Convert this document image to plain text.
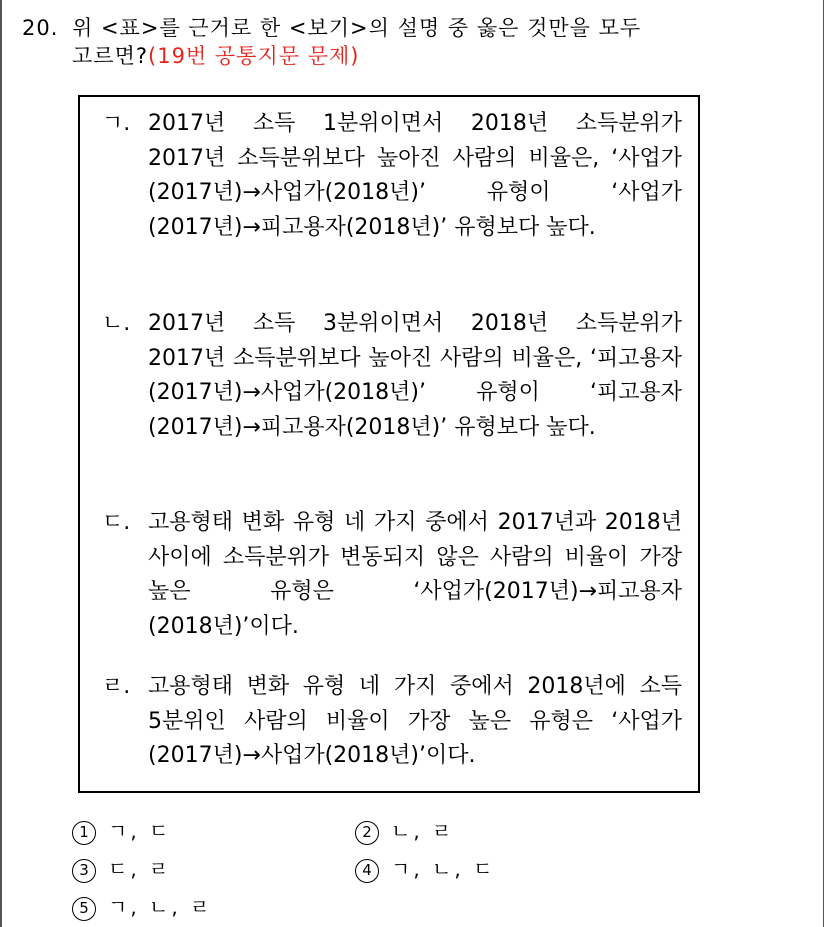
20. 위 <표>를 근거로 한 <보기>의 설명 중 옳은 것만을 모두
고르면?(19번 공통지문 문제)
ㄱ. 2017년 소득 1분위이면서 2018년 소득분위가 2017년 소득분위보다 높아진 사람의 비율은, ‘사업가(2017년)→사업가(2018년)’ 유형이 ‘사업가(2017년)→피고용자(2018년)’ 유형보다 높다.
ㄴ. 2017년 소득 3분위이면서 2018년 소득분위가 2017년 소득분위보다 높아진 사람의 비율은, ‘피고용자(2017년)→사업가(2018년)’ 유형이 ‘피고용자(2017년)→피고용자(2018년)’ 유형보다 높다.
ㄷ. 고용형태 변화 유형 네 가지 중에서 2017년과 2018년 사이에 소득분위가 변동되지 않은 사람의 비율이 가장 높은 유형은 ‘사업가(2017년)→피고용자(2018년)’이다.
ㄹ. 고용형태 변화 유형 네 가지 중에서 2018년에 소득 5분위인 사람의 비율이 가장 높은 유형은 ‘사업가(2017년)→사업가(2018년)’이다.
1 ㄱ, ㄷ	2 ㄴ, ㄹ
3 ㄷ, ㄹ	4 ㄱ, ㄴ, ㄷ
5 ㄱ, ㄴ, ㄹ
